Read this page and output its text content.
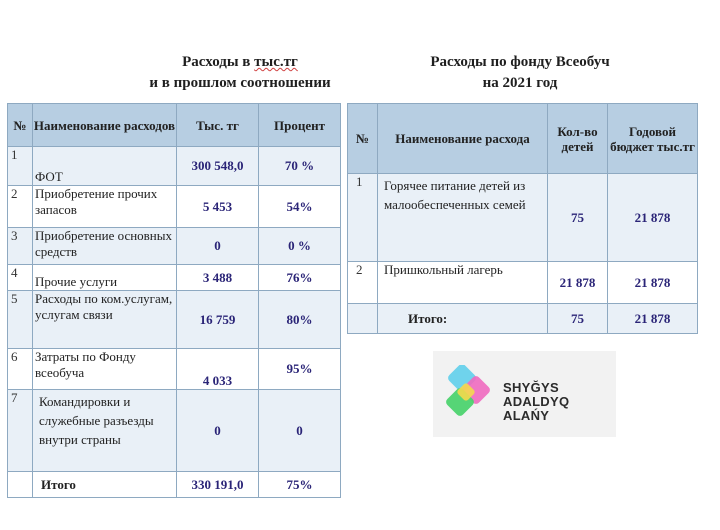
Расходы в тыс.тг
и в прошлом соотношении
Расходы по фонду Всеобуч
на 2021 год
№	Наименование расходов	Тыс. тг	Процент
1	ФОТ	300 548,0	70 %
2	Приобретение прочих запасов	5 453	54%
3	Приобретение основных средств	0	0 %
4	Прочие услуги	3 488	76%
5	Расходы по ком.услугам, услугам связи	16 759	80%
6	Затраты по Фонду всеобуча	4 033	95%
7	Командировки и служебные разъезды внутри страны	0	0
	Итого	330 191,0	75%
№	Наименование расхода	Кол-во детей	Годовой бюджет тыс.тг
1	Горячее питание детей из малообеспеченных семей	75	21 878
2	Пришкольный лагерь	21 878	21 878
	Итого:	75	21 878
SHYĞYS
ADALDYQ ALAŃY
